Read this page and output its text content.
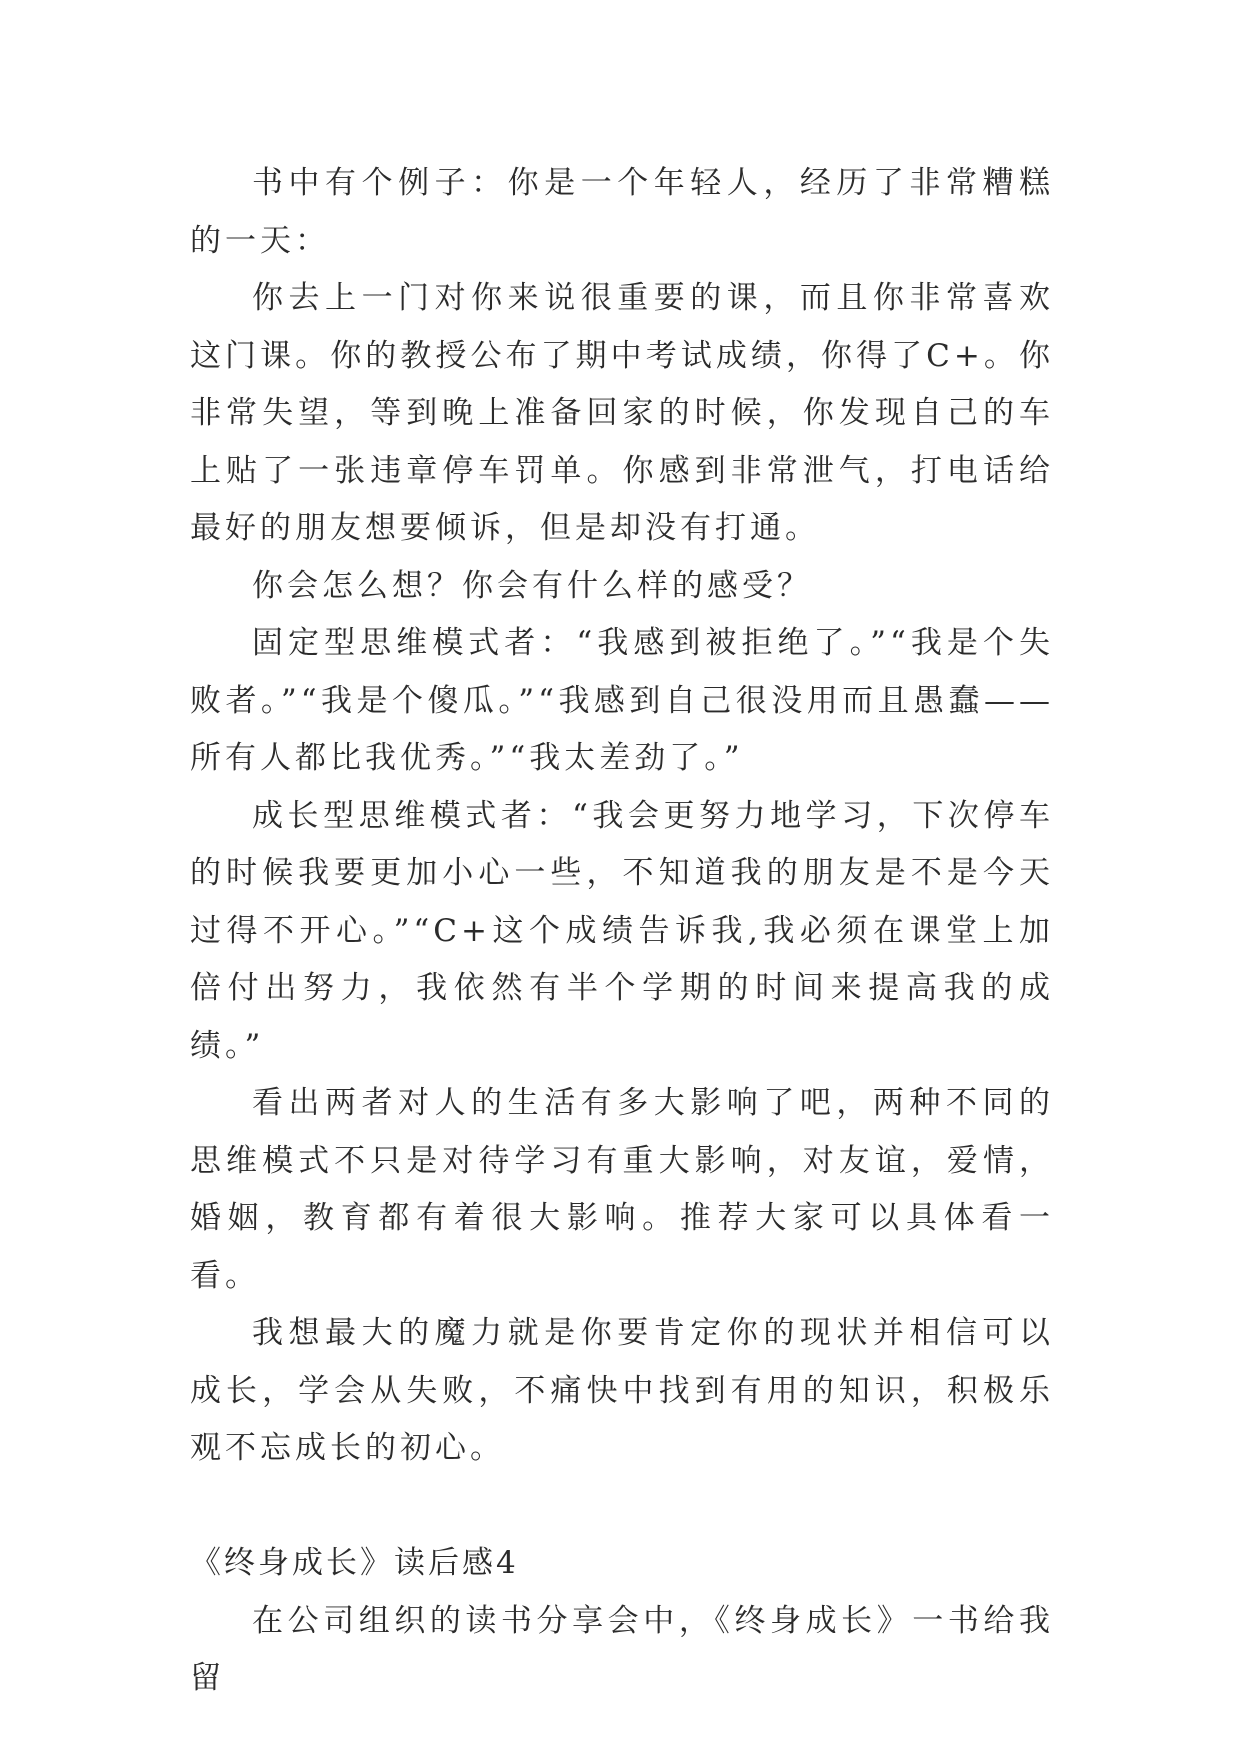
书中有个例子：你是一个年轻人，经历了非常糟糕的一天：

你去上一门对你来说很重要的课，而且你非常喜欢这门课。你的教授公布了期中考试成绩，你得了C+。你非常失望，等到晚上准备回家的时候，你发现自己的车上贴了一张违章停车罚单。你感到非常泄气，打电话给最好的朋友想要倾诉，但是却没有打通。

你会怎么想？你会有什么样的感受？

固定型思维模式者：“我感到被拒绝了。”“我是个失败者。”“我是个傻瓜。”“我感到自己很没用而且愚蠢——所有人都比我优秀。”“我太差劲了。”

成长型思维模式者：“我会更努力地学习，下次停车的时候我要更加小心一些，不知道我的朋友是不是今天过得不开心。”“C+这个成绩告诉我,我必须在课堂上加倍付出努力，我依然有半个学期的时间来提高我的成绩。”

看出两者对人的生活有多大影响了吧，两种不同的思维模式不只是对待学习有重大影响，对友谊，爱情，婚姻，教育都有着很大影响。推荐大家可以具体看一看。

我想最大的魔力就是你要肯定你的现状并相信可以成长，学会从失败，不痛快中找到有用的知识，积极乐观不忘成长的初心。

《终身成长》读后感4

在公司组织的读书分享会中，《终身成长》一书给我留
